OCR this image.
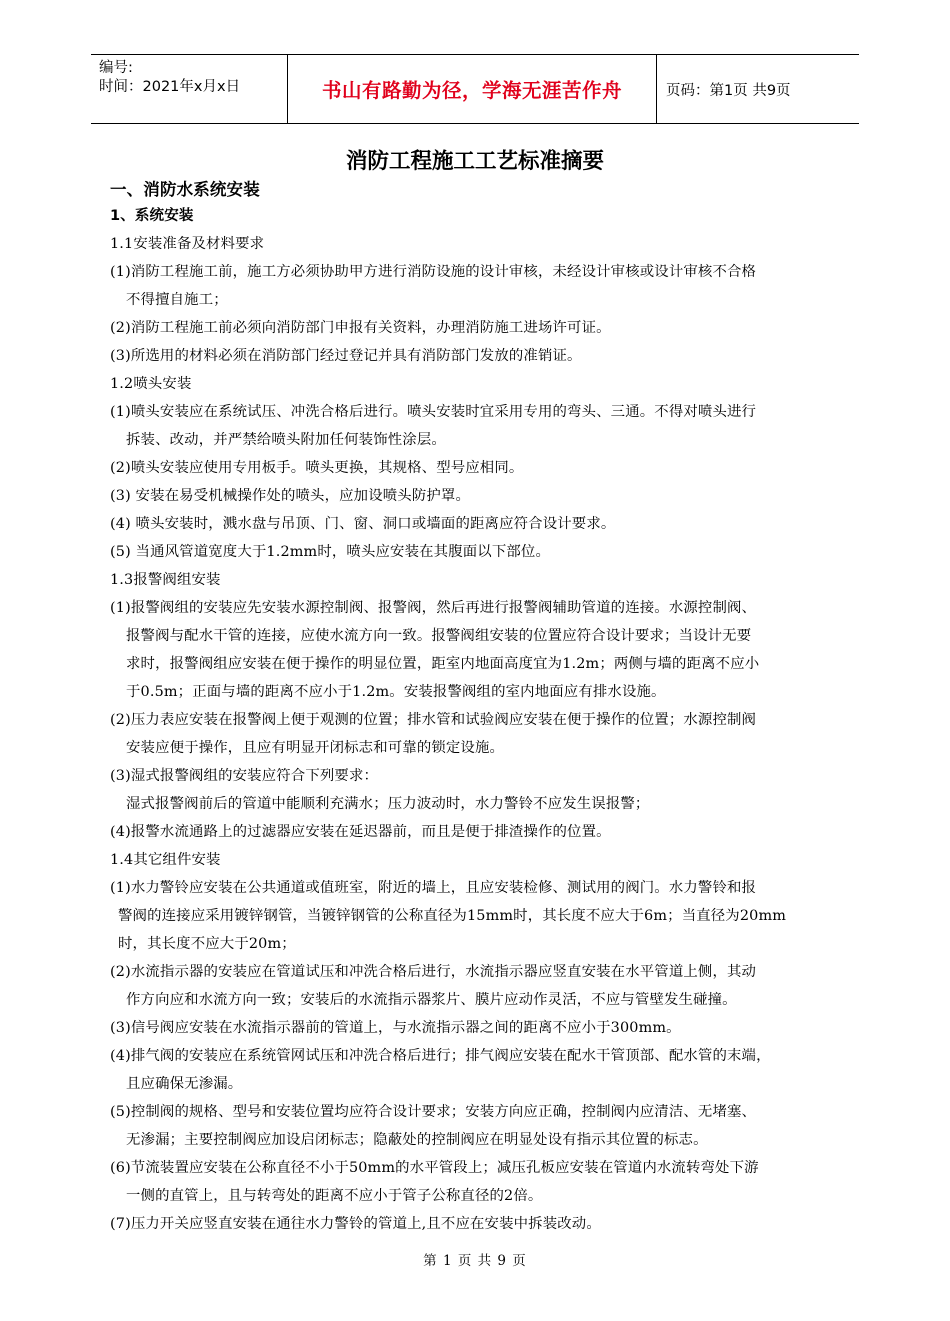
编号:
时间：2021年x月x日	书山有路勤为径，学海无涯苦作舟	页码：第1页 共9页
消防工程施工工艺标准摘要
一、消防水系统安装
1、系统安装
1.1安装准备及材料要求
(1)消防工程施工前，施工方必须协助甲方进行消防设施的设计审核，未经设计审核或设计审核不合格
不得擅自施工；
(2)消防工程施工前必须向消防部门申报有关资料，办理消防施工进场许可证。
(3)所选用的材料必须在消防部门经过登记并具有消防部门发放的准销证。
1.2喷头安装
(1)喷头安装应在系统试压、冲洗合格后进行。喷头安装时宜采用专用的弯头、三通。不得对喷头进行
拆装、改动，并严禁给喷头附加任何装饰性涂层。
(2)喷头安装应使用专用板手。喷头更换，其规格、型号应相同。
(3) 安装在易受机械操作处的喷头，应加设喷头防护罩。
(4) 喷头安装时，溅水盘与吊顶、门、窗、洞口或墙面的距离应符合设计要求。
(5) 当通风管道宽度大于1.2mm时，喷头应安装在其腹面以下部位。
1.3报警阀组安装
(1)报警阀组的安装应先安装水源控制阀、报警阀，然后再进行报警阀辅助管道的连接。水源控制阀、
报警阀与配水干管的连接，应使水流方向一致。报警阀组安装的位置应符合设计要求；当设计无要
求时，报警阀组应安装在便于操作的明显位置，距室内地面高度宜为1.2m；两侧与墙的距离不应小
于0.5m；正面与墙的距离不应小于1.2m。安装报警阀组的室内地面应有排水设施。
(2)压力表应安装在报警阀上便于观测的位置；排水管和试验阀应安装在便于操作的位置；水源控制阀
安装应便于操作，且应有明显开闭标志和可靠的锁定设施。
(3)湿式报警阀组的安装应符合下列要求：
湿式报警阀前后的管道中能顺利充满水；压力波动时，水力警铃不应发生误报警；
(4)报警水流通路上的过滤器应安装在延迟器前，而且是便于排渣操作的位置。
1.4其它组件安装
(1)水力警铃应安装在公共通道或值班室，附近的墙上，且应安装检修、测试用的阀门。水力警铃和报
警阀的连接应采用镀锌钢管，当镀锌钢管的公称直径为15mm时，其长度不应大于6m；当直径为20mm
时，其长度不应大于20m；
(2)水流指示器的安装应在管道试压和冲洗合格后进行，水流指示器应竖直安装在水平管道上侧，其动
作方向应和水流方向一致；安装后的水流指示器浆片、膜片应动作灵活，不应与管壁发生碰撞。
(3)信号阀应安装在水流指示器前的管道上，与水流指示器之间的距离不应小于300mm。
(4)排气阀的安装应在系统管网试压和冲洗合格后进行；排气阀应安装在配水干管顶部、配水管的末端，
且应确保无渗漏。
(5)控制阀的规格、型号和安装位置均应符合设计要求；安装方向应正确，控制阀内应清洁、无堵塞、
无渗漏；主要控制阀应加设启闭标志；隐蔽处的控制阀应在明显处设有指示其位置的标志。
(6)节流装置应安装在公称直径不小于50mm的水平管段上；减压孔板应安装在管道内水流转弯处下游
一侧的直管上，且与转弯处的距离不应小于管子公称直径的2倍。
(7)压力开关应竖直安装在通往水力警铃的管道上,且不应在安装中拆装改动。
第 1 页 共 9 页
